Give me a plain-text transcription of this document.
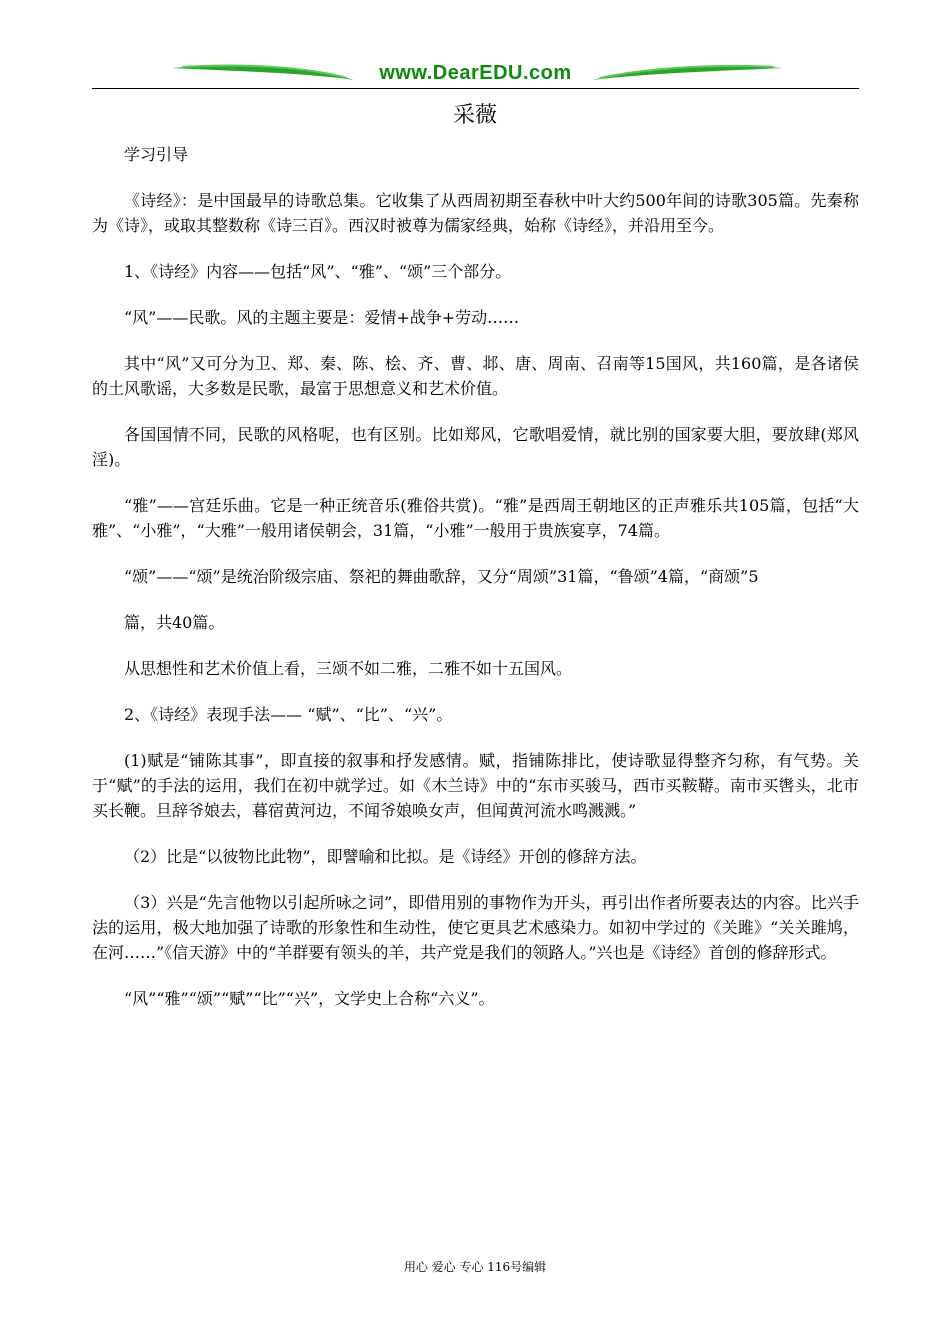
www.DearEDU.com
采薇

学习引导

《诗经》：是中国最早的诗歌总集。它收集了从西周初期至春秋中叶大约500年间的诗歌305篇。先秦称为《诗》，或取其整数称《诗三百》。西汉时被尊为儒家经典，始称《诗经》，并沿用至今。

1、《诗经》内容——包括“风”、“雅”、“颂”三个部分。

“风”——民歌。风的主题主要是：爱情+战争+劳动……

其中“风”又可分为卫、郑、秦、陈、桧、齐、曹、邶、唐、周南、召南等15国风，共160篇，是各诸侯的土风歌谣，大多数是民歌，最富于思想意义和艺术价值。

各国国情不同，民歌的风格呢，也有区别。比如郑风，它歌唱爱情，就比别的国家要大胆，要放肆(郑风淫)。

“雅”——宫廷乐曲。它是一种正统音乐(雅俗共赏)。“雅”是西周王朝地区的正声雅乐共105篇，包括“大雅”、“小雅”，“大雅”一般用诸侯朝会，31篇，“小雅”一般用于贵族宴享，74篇。

“颂”——“颂”是统治阶级宗庙、祭祀的舞曲歌辞，又分“周颂”31篇，“鲁颂”4篇，“商颂”5

篇，共40篇。

从思想性和艺术价值上看，三颂不如二雅，二雅不如十五国风。

2、《诗经》表现手法—— “赋”、“比”、“兴”。

(1)赋是“铺陈其事”，即直接的叙事和抒发感情。赋，指铺陈排比，使诗歌显得整齐匀称，有气势。关于“赋”的手法的运用，我们在初中就学过。如《木兰诗》中的“东市买骏马，西市买鞍鞯。南市买辔头，北市买长鞭。旦辞爷娘去，暮宿黄河边，不闻爷娘唤女声，但闻黄河流水鸣溅溅。”

（2）比是“以彼物比此物”，即譬喻和比拟。是《诗经》开创的修辞方法。

（3）兴是“先言他物以引起所咏之词”，即借用别的事物作为开头，再引出作者所要表达的内容。比兴手法的运用，极大地加强了诗歌的形象性和生动性，使它更具艺术感染力。如初中学过的《关雎》“关关雎鸠，在河……”《信天游》中的“羊群要有领头的羊，共产党是我们的领路人。”兴也是《诗经》首创的修辞形式。

“风”“雅”“颂”“赋”“比”“兴”，文学史上合称“六义”。

用心 爱心 专心 116号编辑
